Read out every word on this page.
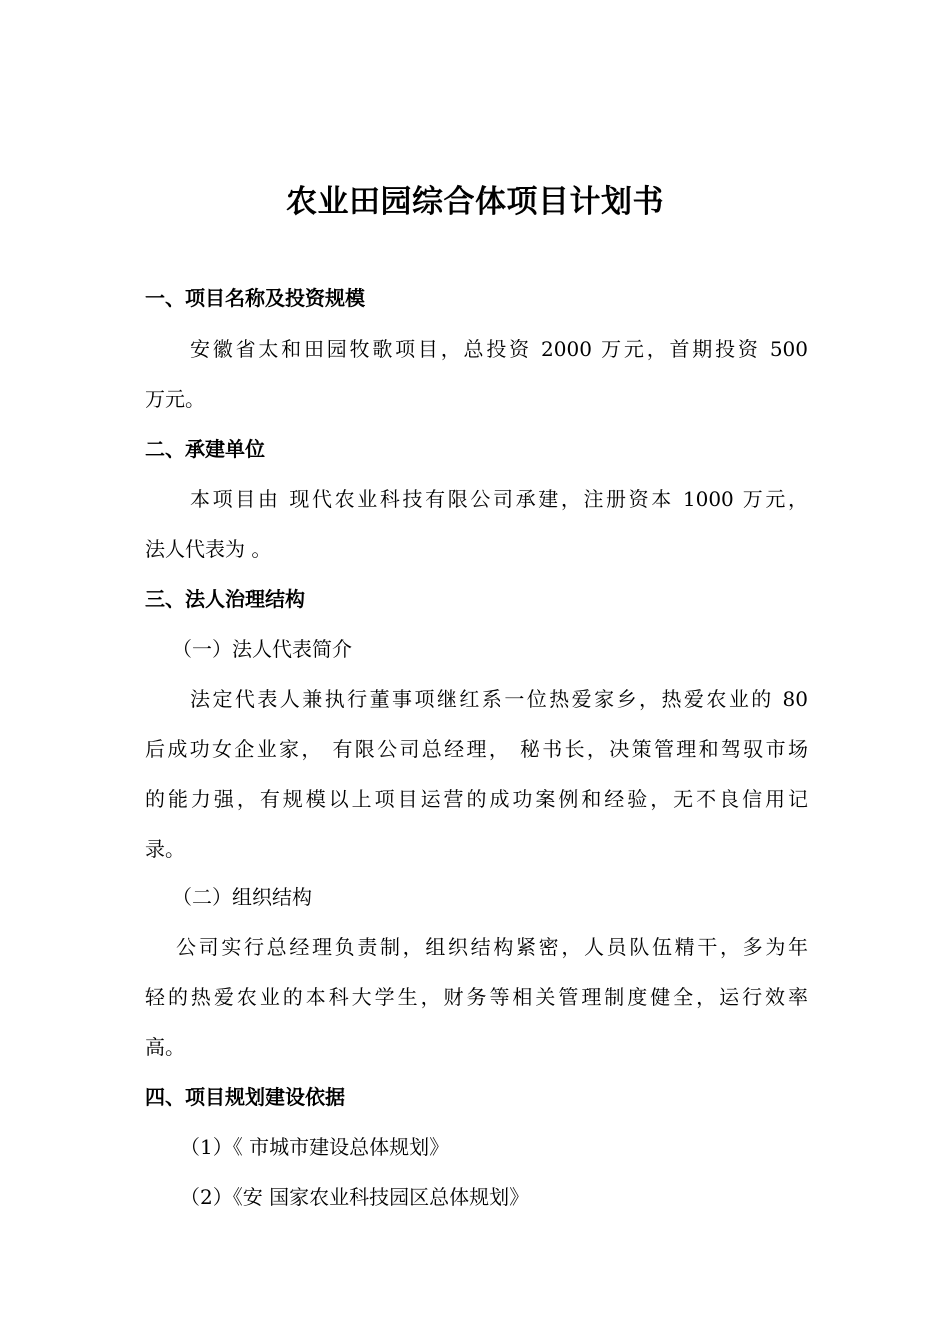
农业田园综合体项目计划书
一、项目名称及投资规模
安徽省太和田园牧歌项目，总投资 2000 万元，首期投资 500
万元。
二、承建单位
本项目由 现代农业科技有限公司承建，注册资本 1000 万元，
法人代表为 。
三、法人治理结构
（一）法人代表简介
法定代表人兼执行董事项继红系一位热爱家乡，热爱农业的 80
后成功女企业家， 有限公司总经理， 秘书长，决策管理和驾驭市场
的能力强，有规模以上项目运营的成功案例和经验，无不良信用记
录。
（二）组织结构
公司实行总经理负责制，组织结构紧密，人员队伍精干，多为年
轻的热爱农业的本科大学生，财务等相关管理制度健全，运行效率
高。
四、项目规划建设依据
（1）《 市城市建设总体规划》
（2）《安 国家农业科技园区总体规划》
